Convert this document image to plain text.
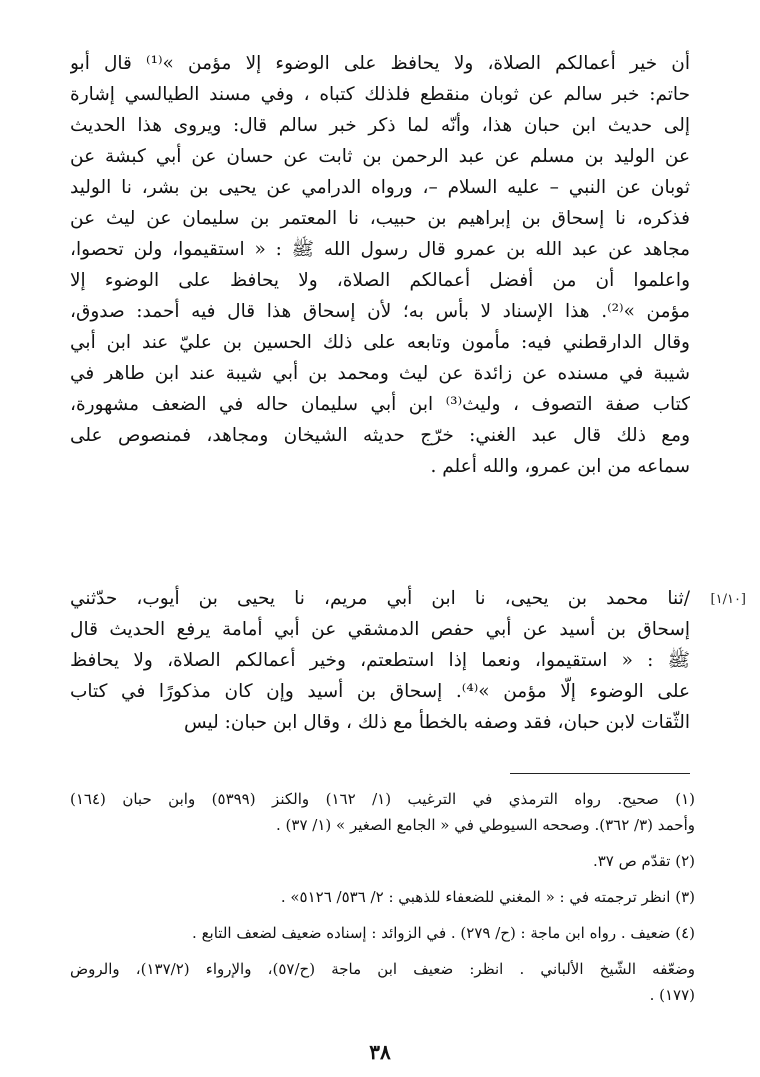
أن خير أعمالكم الصلاة، ولا يحافظ على الوضوء إلا مؤمن »⁽¹⁾ قال أبو
حاتم: خبر سالم عن ثوبان منقطع فلذلك كتباه ، وفي مسند الطيالسي إشارة
إلى حديث ابن حبان هذا، وأنّه لما ذكر خبر سالم قال: ويروى هذا الحديث
عن الوليد بن مسلم عن عبد الرحمن بن ثابت عن حسان عن أبي كبشة عن
ثوبان عن النبي – عليه السلام –، ورواه الدرامي عن يحيى بن بشر، نا الوليد
فذكره، نا إسحاق بن إبراهيم بن حبيب، نا المعتمر بن سليمان عن ليث عن
مجاهد عن عبد الله بن عمرو قال رسول الله ﷺ : « استقيموا، ولن تحصوا،
واعلموا أن من أفضل أعمالكم الصلاة، ولا يحافظ على الوضوء إلا
مؤمن »⁽²⁾. هذا الإسناد لا بأس به؛ لأن إسحاق هذا قال فيه أحمد: صدوق،
وقال الدارقطني فيه: مأمون وتابعه على ذلك الحسين بن عليّ عند ابن أبي
شيبة في مسنده عن زائدة عن ليث ومحمد بن أبي شيبة عند ابن طاهر في
كتاب صفة التصوف ، وليث⁽³⁾ ابن أبي سليمان حاله في الضعف مشهورة،
ومع ذلك قال عبد الغني: خرّج حديثه الشيخان ومجاهد، فمنصوص على
سماعه من ابن عمرو، والله أعلم .
[١/١٠]
/ثنا محمد بن يحيى، نا ابن أبي مريم، نا يحيى بن أيوب، حدّثني
إسحاق بن أسيد عن أبي حفص الدمشقي عن أبي أمامة يرفع الحديث قال
ﷺ : « استقيموا، ونعما إذا استطعتم، وخير أعمالكم الصلاة، ولا يحافظ
على الوضوء إلّا مؤمن »⁽⁴⁾. إسحاق بن أسيد وإن كان مذكورًا في كتاب
الثّقات لابن حبان، فقد وصفه بالخطأ مع ذلك ، وقال ابن حبان: ليس
(١) صحيح. رواه الترمذي في الترغيب (١/ ١٦٢) والكنز (٥٣٩٩) وابن حبان (١٦٤)
وأحمد (٣/ ٣٦٢). وصححه السيوطي في « الجامع الصغير » (١/ ٣٧) .
(٢) تقدّم ص ٣٧.
(٣) انظر ترجمته في : « المغني للضعفاء للذهبي : ٢/ ٥٣٦/ ٥١٢٦» .
(٤) ضعيف . رواه ابن ماجة : (ح/ ٢٧٩) . في الزوائد : إسناده ضعيف لضعف التابع .
وضعّفه الشّيخ الألباني . انظر: ضعيف ابن ماجة (ح/٥٧)، والإرواء (١٣٧/٢)، والروض
(١٧٧) .
٣٨
